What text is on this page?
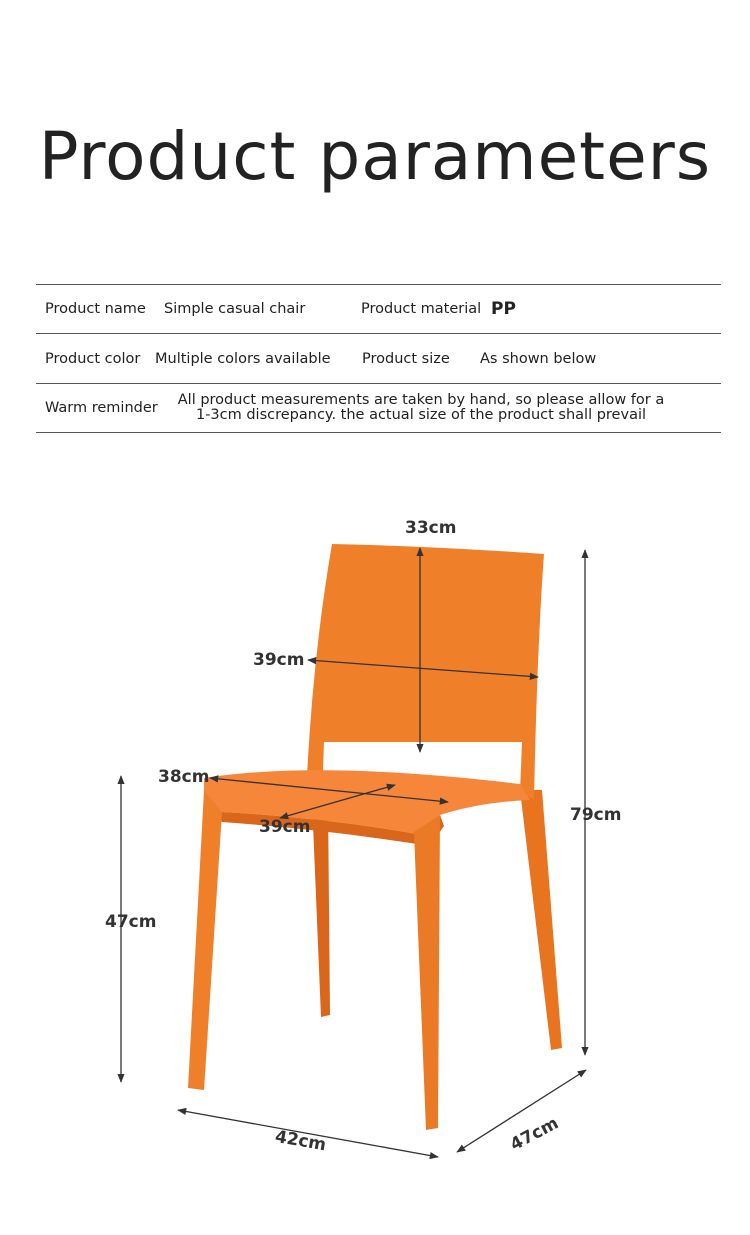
Product parameters
Product name Simple casual chair	Product material PP
Product color Multiple colors available Product size As shown below
Warm reminder	All product measurements are taken by hand, so please allow for a 1-3cm discrepancy. the actual size of the product shall prevail
33cm
39cm
38cm
39cm
79cm
47cm
42cm	47cm
